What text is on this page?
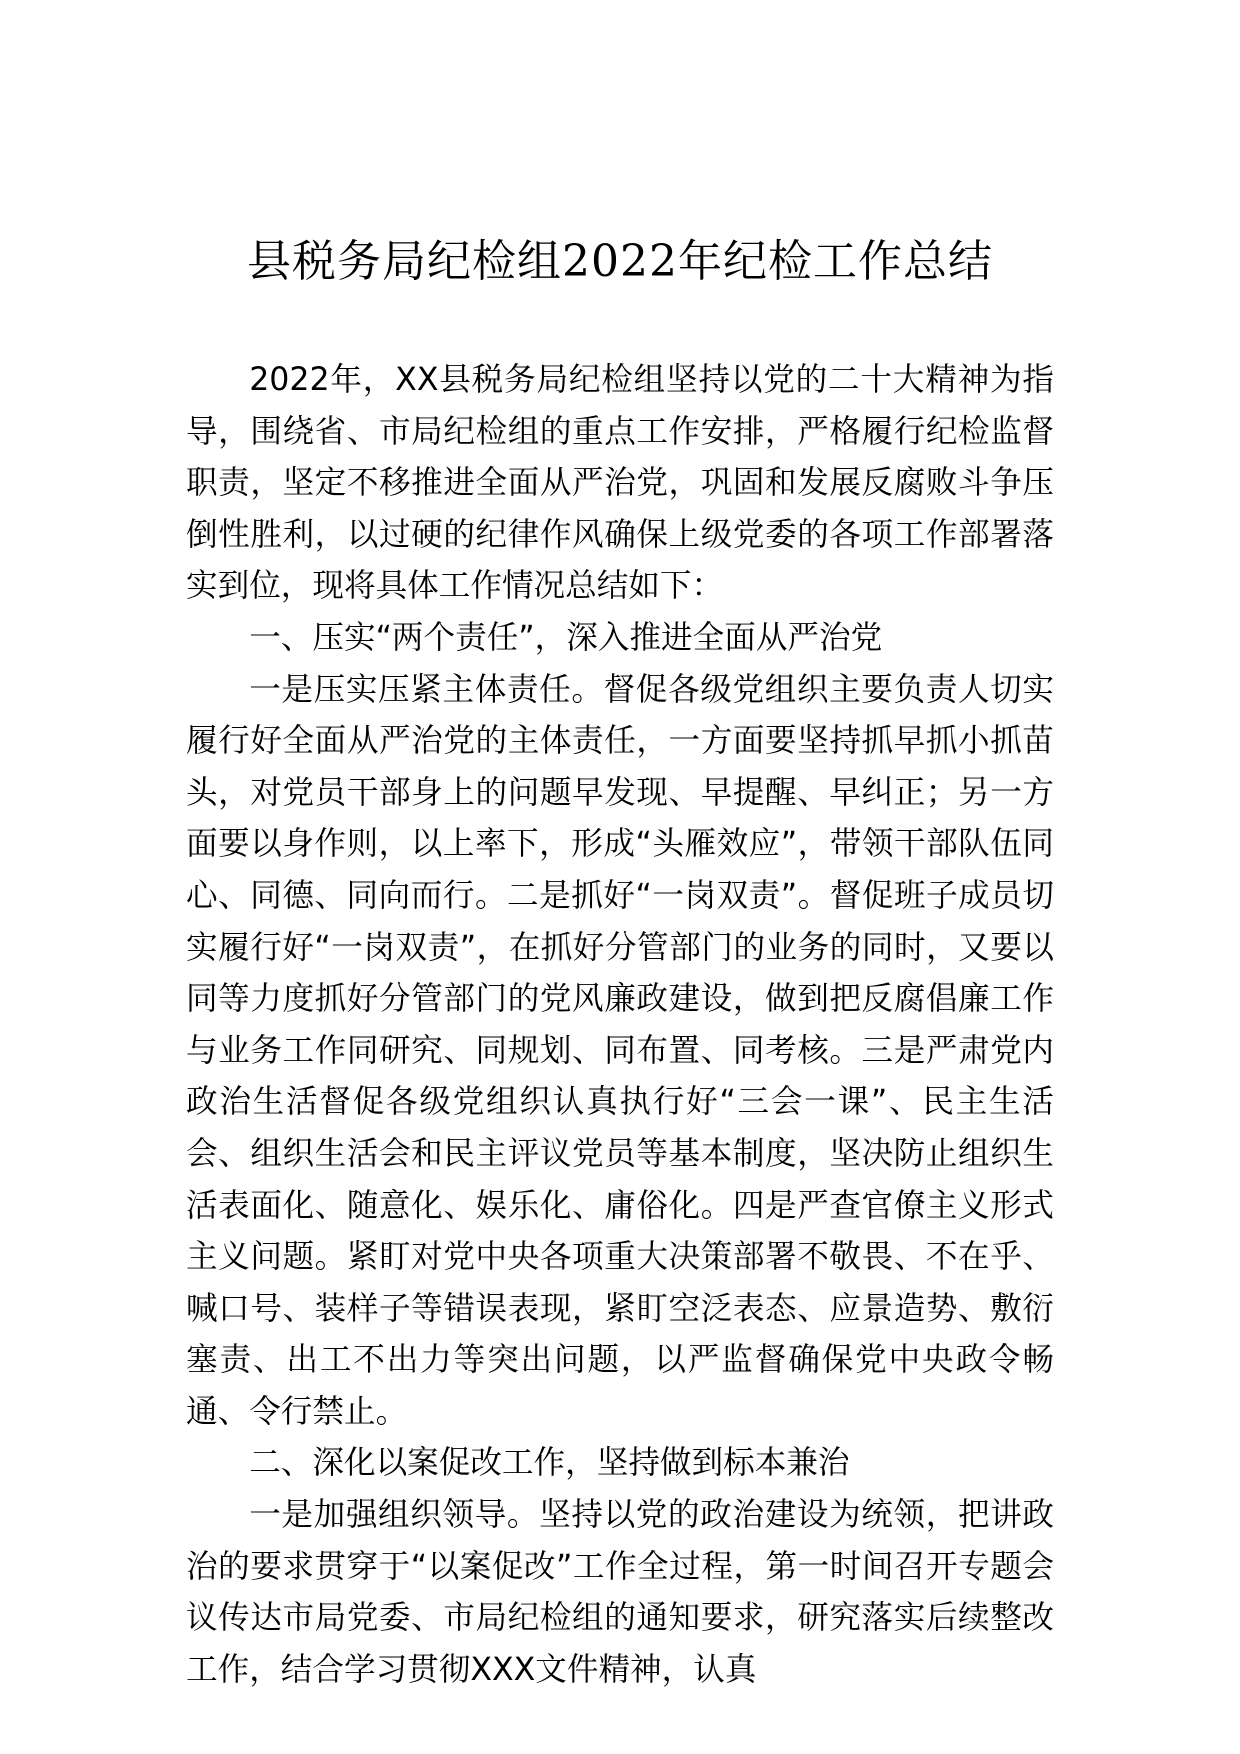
县税务局纪检组2022年纪检工作总结

2022年，XX县税务局纪检组坚持以党的二十大精神为指导，围绕省、市局纪检组的重点工作安排，严格履行纪检监督职责，坚定不移推进全面从严治党，巩固和发展反腐败斗争压倒性胜利，以过硬的纪律作风确保上级党委的各项工作部署落实到位，现将具体工作情况总结如下：

一、压实“两个责任”，深入推进全面从严治党

一是压实压紧主体责任。督促各级党组织主要负责人切实履行好全面从严治党的主体责任，一方面要坚持抓早抓小抓苗头，对党员干部身上的问题早发现、早提醒、早纠正；另一方面要以身作则，以上率下，形成“头雁效应”，带领干部队伍同心、同德、同向而行。二是抓好“一岗双责”。督促班子成员切实履行好“一岗双责”，在抓好分管部门的业务的同时，又要以同等力度抓好分管部门的党风廉政建设，做到把反腐倡廉工作与业务工作同研究、同规划、同布置、同考核。三是严肃党内政治生活督促各级党组织认真执行好“三会一课”、民主生活会、组织生活会和民主评议党员等基本制度，坚决防止组织生活表面化、随意化、娱乐化、庸俗化。四是严查官僚主义形式主义问题。紧盯对党中央各项重大决策部署不敬畏、不在乎、喊口号、装样子等错误表现，紧盯空泛表态、应景造势、敷衍塞责、出工不出力等突出问题，以严监督确保党中央政令畅通、令行禁止。

二、深化以案促改工作，坚持做到标本兼治

一是加强组织领导。坚持以党的政治建设为统领，把讲政治的要求贯穿于“以案促改”工作全过程，第一时间召开专题会议传达市局党委、市局纪检组的通知要求，研究落实后续整改工作，结合学习贯彻XXX文件精神，认真
